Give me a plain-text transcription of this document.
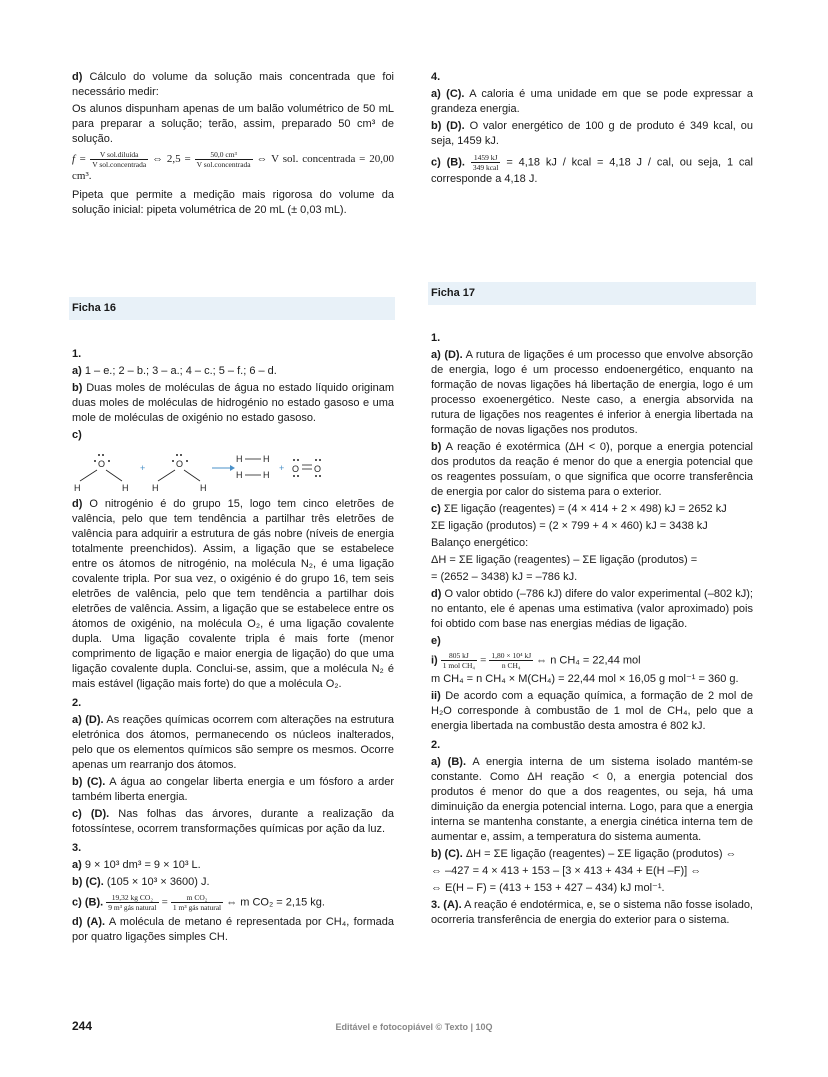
d) Cálculo do volume da solução mais concentrada que foi necessário medir:

Os alunos dispunham apenas de um balão volumétrico de 50 mL para preparar a solução; terão, assim, preparado 50 cm³ de solução.

$f = \frac{\text{V sol.diluída}}{\text{V sol.concentrada}}$ ⇔ $2,5 = \frac{\text{50,0 cm³}}{\text{V sol.concentrada}}$ ⇔ V sol. concentrada = 20,00 cm³.

Pipeta que permite a medição mais rigorosa do volume da solução inicial: pipeta volumétrica de 20 mL (± 0,03 mL).

4.

a) (C). A caloria é uma unidade em que se pode expressar a grandeza energia.

b) (D). O valor energético de 100 g de produto é 349 kcal, ou seja, 1459 kJ.

c) (B). $\frac{1459 kJ}{\text{349 kcal}} = 4,18$ kJ / kcal = 4,18 J / cal, ou seja, 1 cal corresponde a 4,18 J.

Ficha 16

1.

a) 1 – e.; 2 – b.; 3 – a.; 4 – c.; 5 – f.; 6 – d.

b) Duas moles de moléculas de água no estado líquido originam duas moles de moléculas de hidrogénio no estado gasoso e uma mole de moléculas de oxigénio no estado gasoso.

c)

O
H	H
+	O
H	H
H H
H H
+ O O

d) O nitrogénio é do grupo 15, logo tem cinco eletrões de valência, pelo que tem tendência a partilhar três eletrões de valência para adquirir a estrutura de gás nobre (níveis de energia totalmente preenchidos). Assim, a ligação que se estabelece entre os átomos de nitrogénio, na molécula N₂, é uma ligação covalente tripla. Por sua vez, o oxigénio é do grupo 16, tem seis eletrões de valência, pelo que tem tendência a partilhar dois eletrões de valência. Assim, a ligação que se estabelece entre os átomos de oxigénio, na molécula O₂, é uma ligação covalente dupla. Uma ligação covalente tripla é mais forte (menor comprimento de ligação e maior energia de ligação) do que uma ligação covalente dupla. Conclui-se, assim, que a molécula N₂ é mais estável (ligação mais forte) do que a molécula O₂.

2.

a) (D). As reações químicas ocorrem com alterações na estrutura eletrónica dos átomos, permanecendo os núcleos inalterados, pelo que os elementos químicos são sempre os mesmos. Ocorre apenas um rearranjo dos átomos.

b) (C). A água ao congelar liberta energia e um fósforo a arder também liberta energia.

c) (D). Nas folhas das árvores, durante a realização da fotossíntese, ocorrem transformações químicas por ação da luz.

3.

a) 9 × 10³ dm³ = 9 × 10³ L.

b) (C). (105 × 10³ × 3600) J.

c) (B). $\frac{\text{19,32 kg CO₂}}{\text{9 m³ gás natural}} = \frac{\text{m CO₂}}{\text{1 m³ gás natural}}$ ⇔ m CO₂ = 2,15 kg.

d) (A). A molécula de metano é representada por CH₄, formada por quatro ligações simples CH.

Ficha 17

1.

a) (D). A rutura de ligações é um processo que envolve absorção de energia, logo é um processo endoenergético, enquanto na formação de novas ligações há libertação de energia, logo é um processo exoenergético. Neste caso, a energia absorvida na rutura de ligações nos reagentes é inferior à energia libertada na formação de novas ligações nos produtos.

b) A reação é exotérmica (ΔH < 0), porque a energia potencial dos produtos da reação é menor do que a energia potencial que os reagentes possuíam, o que significa que ocorre transferência de energia por calor do sistema para o exterior.

c) ΣE ligação (reagentes) = (4 × 414 + 2 × 498) kJ = 2652 kJ

ΣE ligação (produtos) = (2 × 799 + 4 × 460) kJ = 3438 kJ

Balanço energético:

ΔH = ΣE ligação (reagentes) – ΣE ligação (produtos) =

= (2652 – 3438) kJ = –786 kJ.

d) O valor obtido (–786 kJ) difere do valor experimental (–802 kJ); no entanto, ele é apenas uma estimativa (valor aproximado) pois foi obtido com base nas energias médias de ligação.

e)

$i) \frac{805 kJ}{\text{1 mol CH₄}} = \frac{\text{1,80 × 10⁴ kJ}}{\text{n CH₄}}$ ⇔ n CH₄ = 22,44 mol

m CH₄ = n CH₄ × M(CH₄) = 22,44 mol × 16,05 g mol⁻¹ = 360 g.

ii) De acordo com a equação química, a formação de 2 mol de H₂O corresponde à combustão de 1 mol de CH₄, pelo que a energia libertada na combustão desta amostra é 802 kJ.

2.

a) (B). A energia interna de um sistema isolado mantém-se constante. Como ΔH reação < 0, a energia potencial dos produtos é menor do que a dos reagentes, ou seja, há uma diminuição da energia potencial interna. Logo, para que a energia interna se mantenha constante, a energia cinética interna tem de aumentar e, assim, a temperatura do sistema aumenta.

b) (C). ΔH = ΣE ligação (reagentes) – ΣE ligação (produtos) ⇔

⇔ –427 = 4 × 413 + 153 – [3 × 413 + 434 + E(H –F)] ⇔

⇔ E(H – F) = (413 + 153 + 427 – 434) kJ mol⁻¹.

3. (A). A reação é endotérmica, e, se o sistema não fosse isolado, ocorreria transferência de energia do exterior para o sistema.

244	Editável e fotocopiável © Texto | 10Q
